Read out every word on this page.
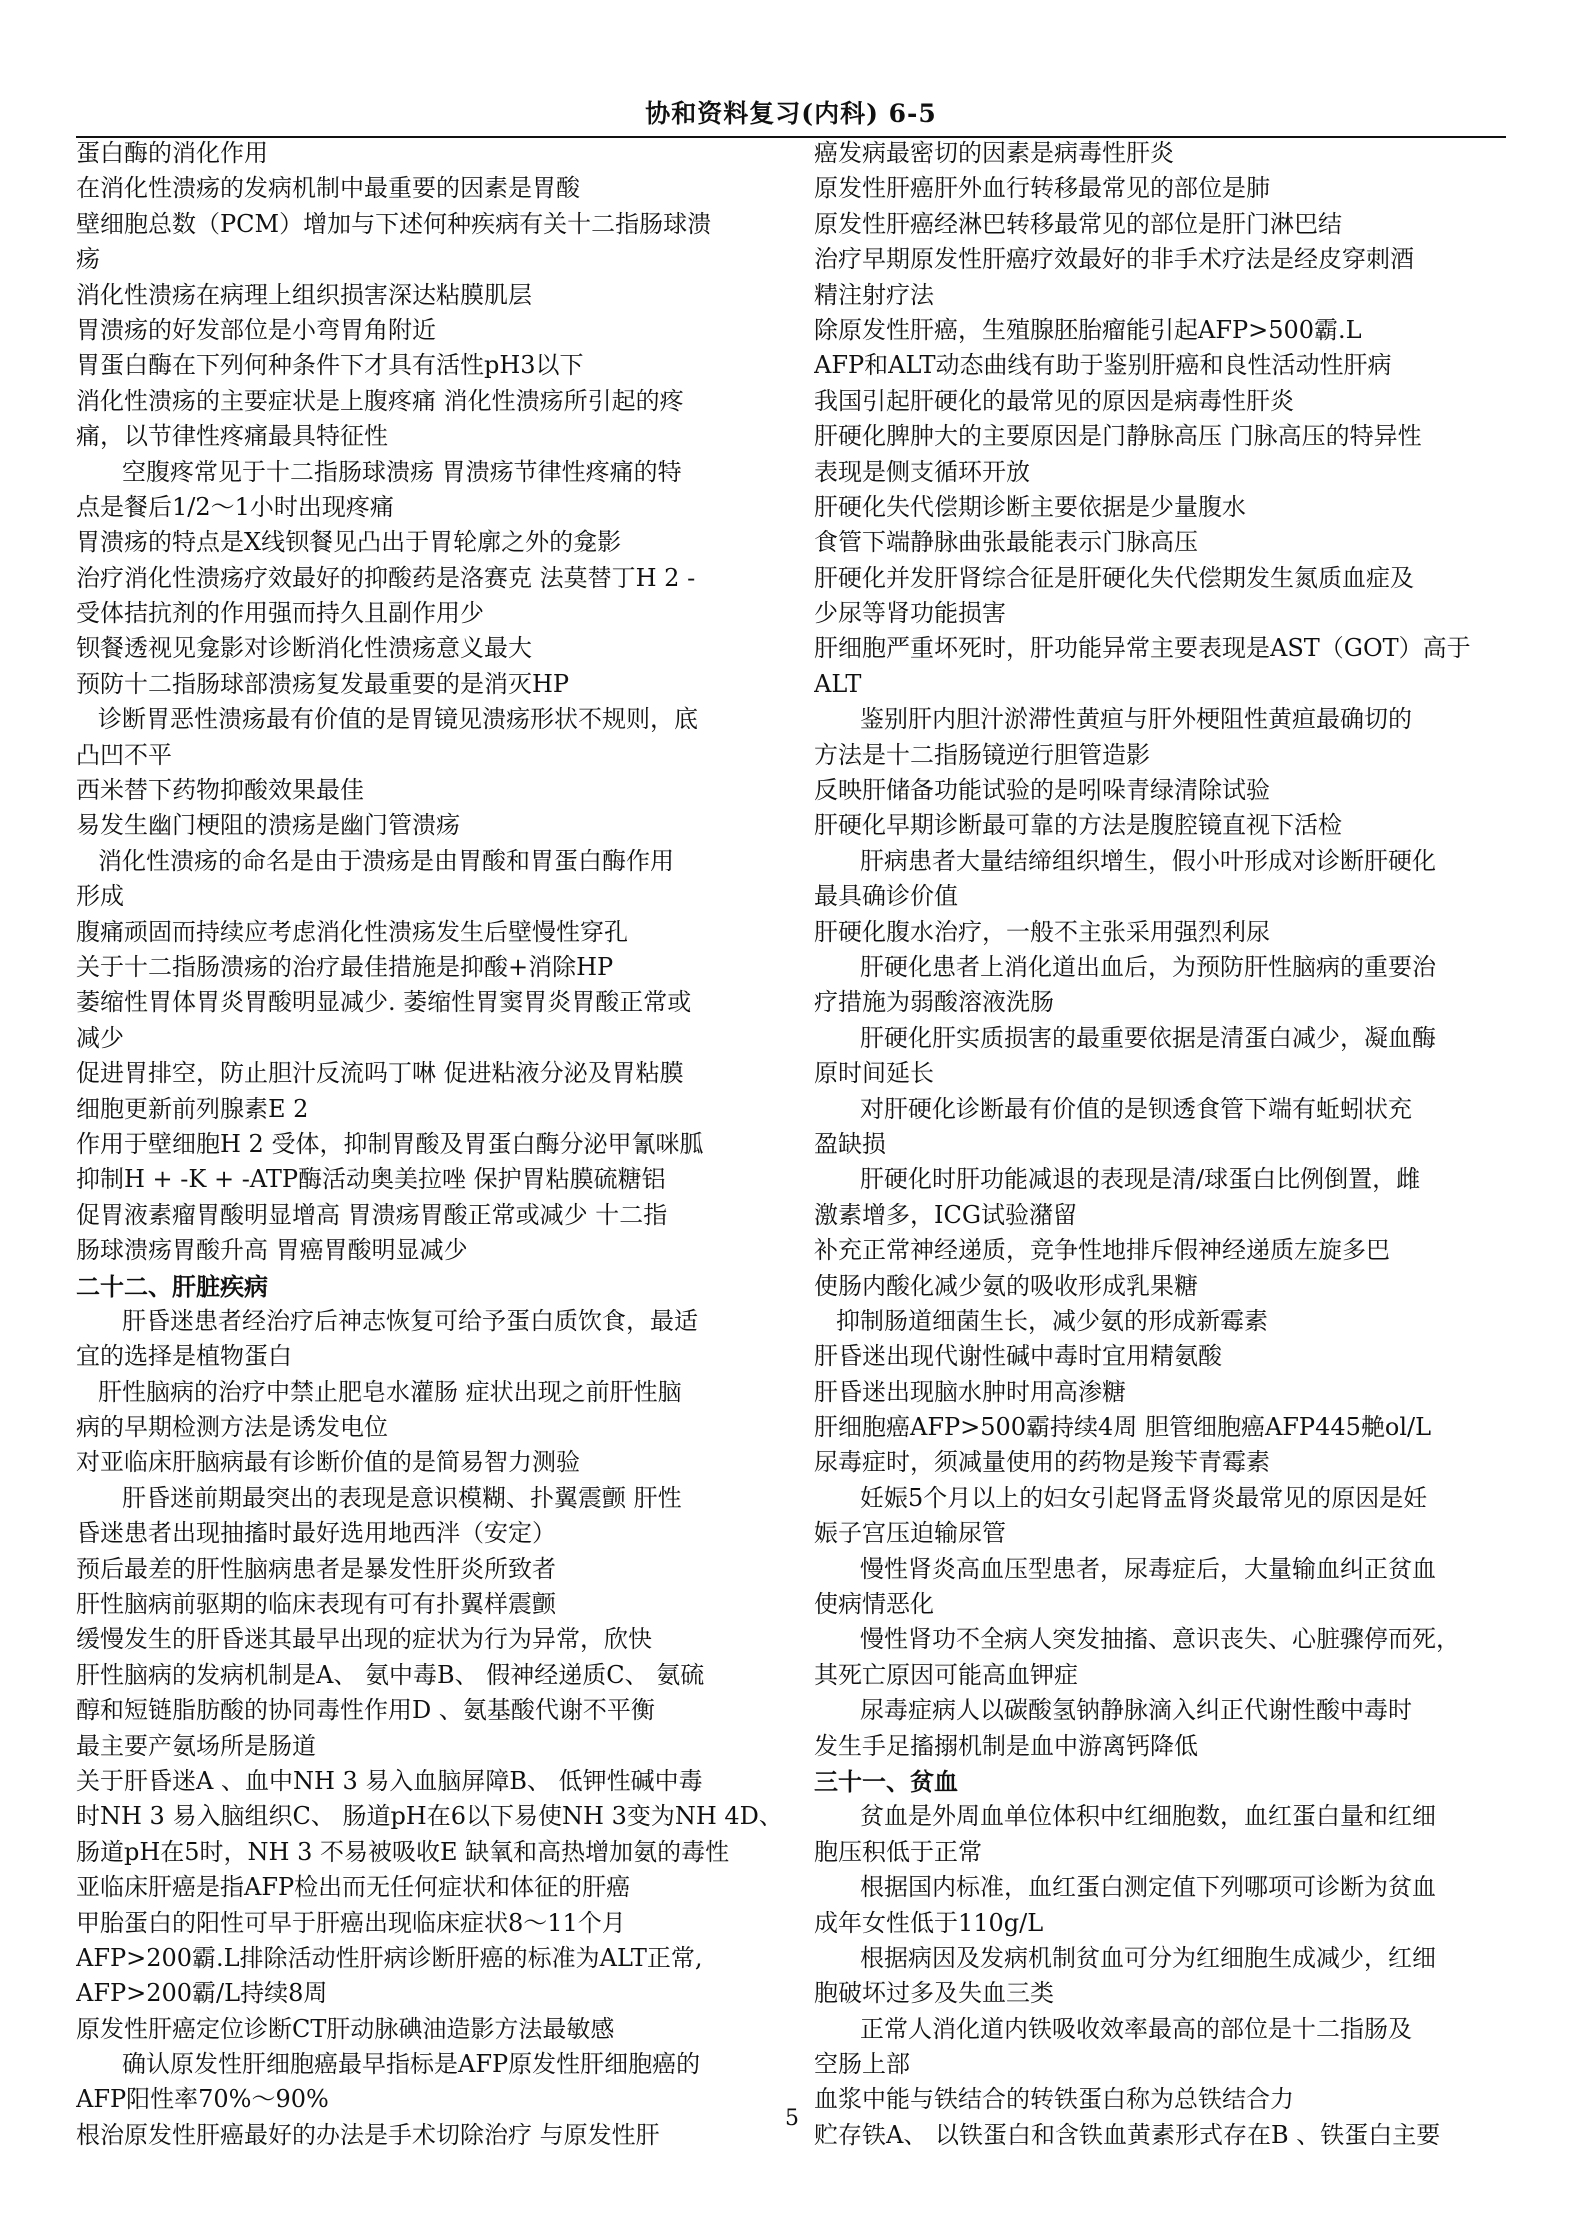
协和资料复习(内科) 6-5
蛋白酶的消化作用
在消化性溃疡的发病机制中最重要的因素是胃酸
壁细胞总数（PCM）增加与下述何种疾病有关十二指肠球溃
疡
消化性溃疡在病理上组织损害深达粘膜肌层
胃溃疡的好发部位是小弯胃角附近
胃蛋白酶在下列何种条件下才具有活性pH3以下
消化性溃疡的主要症状是上腹疼痛 消化性溃疡所引起的疼
痛，以节律性疼痛最具特征性
空腹疼常见于十二指肠球溃疡 胃溃疡节律性疼痛的特
点是餐后1/2～1小时出现疼痛
胃溃疡的特点是X线钡餐见凸出于胃轮廓之外的龛影
治疗消化性溃疡疗效最好的抑酸药是洛赛克 法莫替丁H 2 -
受体拮抗剂的作用强而持久且副作用少
钡餐透视见龛影对诊断消化性溃疡意义最大
预防十二指肠球部溃疡复发最重要的是消灭HP
诊断胃恶性溃疡最有价值的是胃镜见溃疡形状不规则，底
凸凹不平
西米替下药物抑酸效果最佳
易发生幽门梗阻的溃疡是幽门管溃疡
消化性溃疡的命名是由于溃疡是由胃酸和胃蛋白酶作用
形成
腹痛顽固而持续应考虑消化性溃疡发生后壁慢性穿孔
关于十二指肠溃疡的治疗最佳措施是抑酸+消除HP
萎缩性胃体胃炎胃酸明显减少. 萎缩性胃窦胃炎胃酸正常或
减少
促进胃排空，防止胆汁反流吗丁啉 促进粘液分泌及胃粘膜
细胞更新前列腺素E 2
作用于壁细胞H 2 受体，抑制胃酸及胃蛋白酶分泌甲氰咪胍
抑制H + -K + -ATP酶活动奥美拉唑 保护胃粘膜硫糖铝
促胃液素瘤胃酸明显增高 胃溃疡胃酸正常或减少 十二指
肠球溃疡胃酸升高 胃癌胃酸明显减少
二十二、肝脏疾病
肝昏迷患者经治疗后神志恢复可给予蛋白质饮食，最适
宜的选择是植物蛋白
肝性脑病的治疗中禁止肥皂水灌肠 症状出现之前肝性脑
病的早期检测方法是诱发电位
对亚临床肝脑病最有诊断价值的是简易智力测验
肝昏迷前期最突出的表现是意识模糊、扑翼震颤 肝性
昏迷患者出现抽搐时最好选用地西泮（安定）
预后最差的肝性脑病患者是暴发性肝炎所致者
肝性脑病前驱期的临床表现有可有扑翼样震颤
缓慢发生的肝昏迷其最早出现的症状为行为异常，欣快
肝性脑病的发病机制是A、 氨中毒B、 假神经递质C、 氨硫
醇和短链脂肪酸的协同毒性作用D 、氨基酸代谢不平衡
最主要产氨场所是肠道
关于肝昏迷A 、血中NH 3 易入血脑屏障B、 低钾性碱中毒
时NH 3 易入脑组织C、 肠道pH在6以下易使NH 3变为NH 4D、
肠道pH在5时，NH 3 不易被吸收E 缺氧和高热增加氨的毒性
亚临床肝癌是指AFP检出而无任何症状和体征的肝癌
甲胎蛋白的阳性可早于肝癌出现临床症状8～11个月
AFP>200霸.L排除活动性肝病诊断肝癌的标准为ALT正常,
AFP>200霸/L持续8周
原发性肝癌定位诊断CT肝动脉碘油造影方法最敏感
确认原发性肝细胞癌最早指标是AFP原发性肝细胞癌的
AFP阳性率70%～90%
根治原发性肝癌最好的办法是手术切除治疗 与原发性肝
癌发病最密切的因素是病毒性肝炎
原发性肝癌肝外血行转移最常见的部位是肺
原发性肝癌经淋巴转移最常见的部位是肝门淋巴结
治疗早期原发性肝癌疗效最好的非手术疗法是经皮穿刺酒
精注射疗法
除原发性肝癌，生殖腺胚胎瘤能引起AFP>500霸.L
AFP和ALT动态曲线有助于鉴别肝癌和良性活动性肝病
我国引起肝硬化的最常见的原因是病毒性肝炎
肝硬化脾肿大的主要原因是门静脉高压 门脉高压的特异性
表现是侧支循环开放
肝硬化失代偿期诊断主要依据是少量腹水
食管下端静脉曲张最能表示门脉高压
肝硬化并发肝肾综合征是肝硬化失代偿期发生氮质血症及
少尿等肾功能损害
肝细胞严重坏死时，肝功能异常主要表现是AST（GOT）高于
ALT
鉴别肝内胆汁淤滞性黄疸与肝外梗阻性黄疸最确切的
方法是十二指肠镜逆行胆管造影
反映肝储备功能试验的是吲哚青绿清除试验
肝硬化早期诊断最可靠的方法是腹腔镜直视下活检
肝病患者大量结缔组织增生，假小叶形成对诊断肝硬化
最具确诊价值
肝硬化腹水治疗，一般不主张采用强烈利尿
肝硬化患者上消化道出血后，为预防肝性脑病的重要治
疗措施为弱酸溶液洗肠
肝硬化肝实质损害的最重要依据是清蛋白减少，凝血酶
原时间延长
对肝硬化诊断最有价值的是钡透食管下端有蚯蚓状充
盈缺损
肝硬化时肝功能减退的表现是清/球蛋白比例倒置，雌
激素增多，ICG试验潴留
补充正常神经递质，竞争性地排斥假神经递质左旋多巴
使肠内酸化减少氨的吸收形成乳果糖
抑制肠道细菌生长，减少氨的形成新霉素
肝昏迷出现代谢性碱中毒时宜用精氨酸
肝昏迷出现脑水肿时用高渗糖
肝细胞癌AFP>500霸持续4周 胆管细胞癌AFP445艴ol/L
尿毒症时，须减量使用的药物是羧苄青霉素
妊娠5个月以上的妇女引起肾盂肾炎最常见的原因是妊
娠子宫压迫输尿管
慢性肾炎高血压型患者，尿毒症后，大量输血纠正贫血
使病情恶化
慢性肾功不全病人突发抽搐、意识丧失、心脏骤停而死，
其死亡原因可能高血钾症
尿毒症病人以碳酸氢钠静脉滴入纠正代谢性酸中毒时
发生手足搐搦机制是血中游离钙降低
三十一、贫血
贫血是外周血单位体积中红细胞数，血红蛋白量和红细
胞压积低于正常
根据国内标准，血红蛋白测定值下列哪项可诊断为贫血
成年女性低于110g/L
根据病因及发病机制贫血可分为红细胞生成减少，红细
胞破坏过多及失血三类
正常人消化道内铁吸收效率最高的部位是十二指肠及
空肠上部
血浆中能与铁结合的转铁蛋白称为总铁结合力
贮存铁A、 以铁蛋白和含铁血黄素形式存在B 、铁蛋白主要
5
